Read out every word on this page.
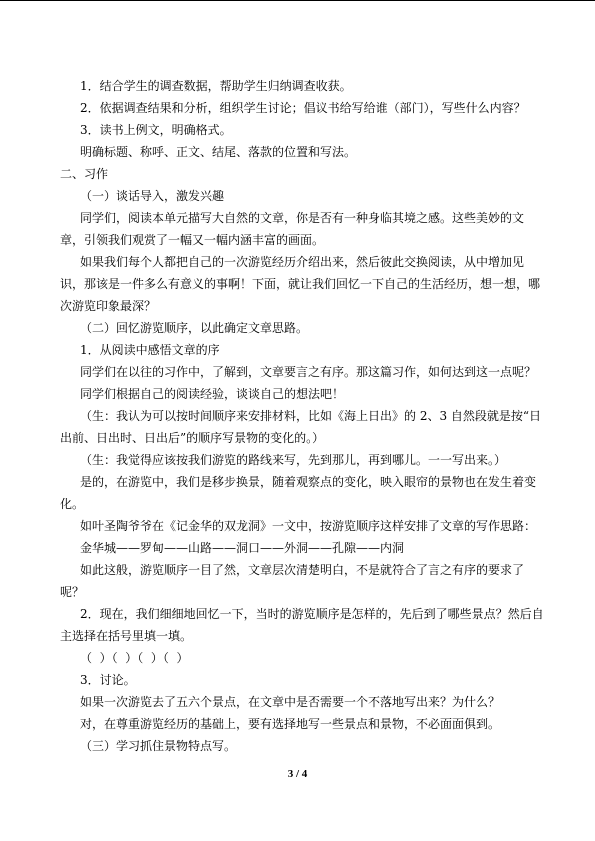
1．结合学生的调查数据，帮助学生归纳调查收获。
2．依据调查结果和分析，组织学生讨论；倡议书给写给谁（部门），写些什么内容？
3．读书上例文，明确格式。
明确标题、称呼、正文、结尾、落款的位置和写法。
二、习作
（一）谈话导入，激发兴趣
同学们，阅读本单元描写大自然的文章，你是否有一种身临其境之感。这些美妙的文
章，引领我们观赏了一幅又一幅内涵丰富的画面。
如果我们每个人都把自己的一次游览经历介绍出来，然后彼此交换阅读，从中增加见
识，那该是一件多么有意义的事啊！下面，就让我们回忆一下自己的生活经历，想一想，哪
次游览印象最深？
（二）回忆游览顺序，以此确定文章思路。
1．从阅读中感悟文章的序
同学们在以往的习作中，了解到，文章要言之有序。那这篇习作，如何达到这一点呢？
同学们根据自己的阅读经验，谈谈自己的想法吧！
（生：我认为可以按时间顺序来安排材料，比如《海上日出》的 2、3 自然段就是按“日
出前、日出时、日出后”的顺序写景物的变化的。）
（生：我觉得应该按我们游览的路线来写，先到那儿，再到哪儿。一一写出来。）
是的，在游览中，我们是移步换景，随着观察点的变化，映入眼帘的景物也在发生着变
化。
如叶圣陶爷爷在《记金华的双龙洞》一文中，按游览顺序这样安排了文章的写作思路：
金华城——罗甸——山路——洞口——外洞——孔隙——内洞
如此这般，游览顺序一目了然，文章层次清楚明白，不是就符合了言之有序的要求了
呢？
2．现在，我们细细地回忆一下，当时的游览顺序是怎样的，先后到了哪些景点？然后自
主选择在括号里填一填。
（  ）（  ）（  ）（  ）
3．讨论。
如果一次游览去了五六个景点，在文章中是否需要一个不落地写出来？为什么？
对，在尊重游览经历的基础上，要有选择地写一些景点和景物，不必面面俱到。
（三）学习抓住景物特点写。
3 / 4
